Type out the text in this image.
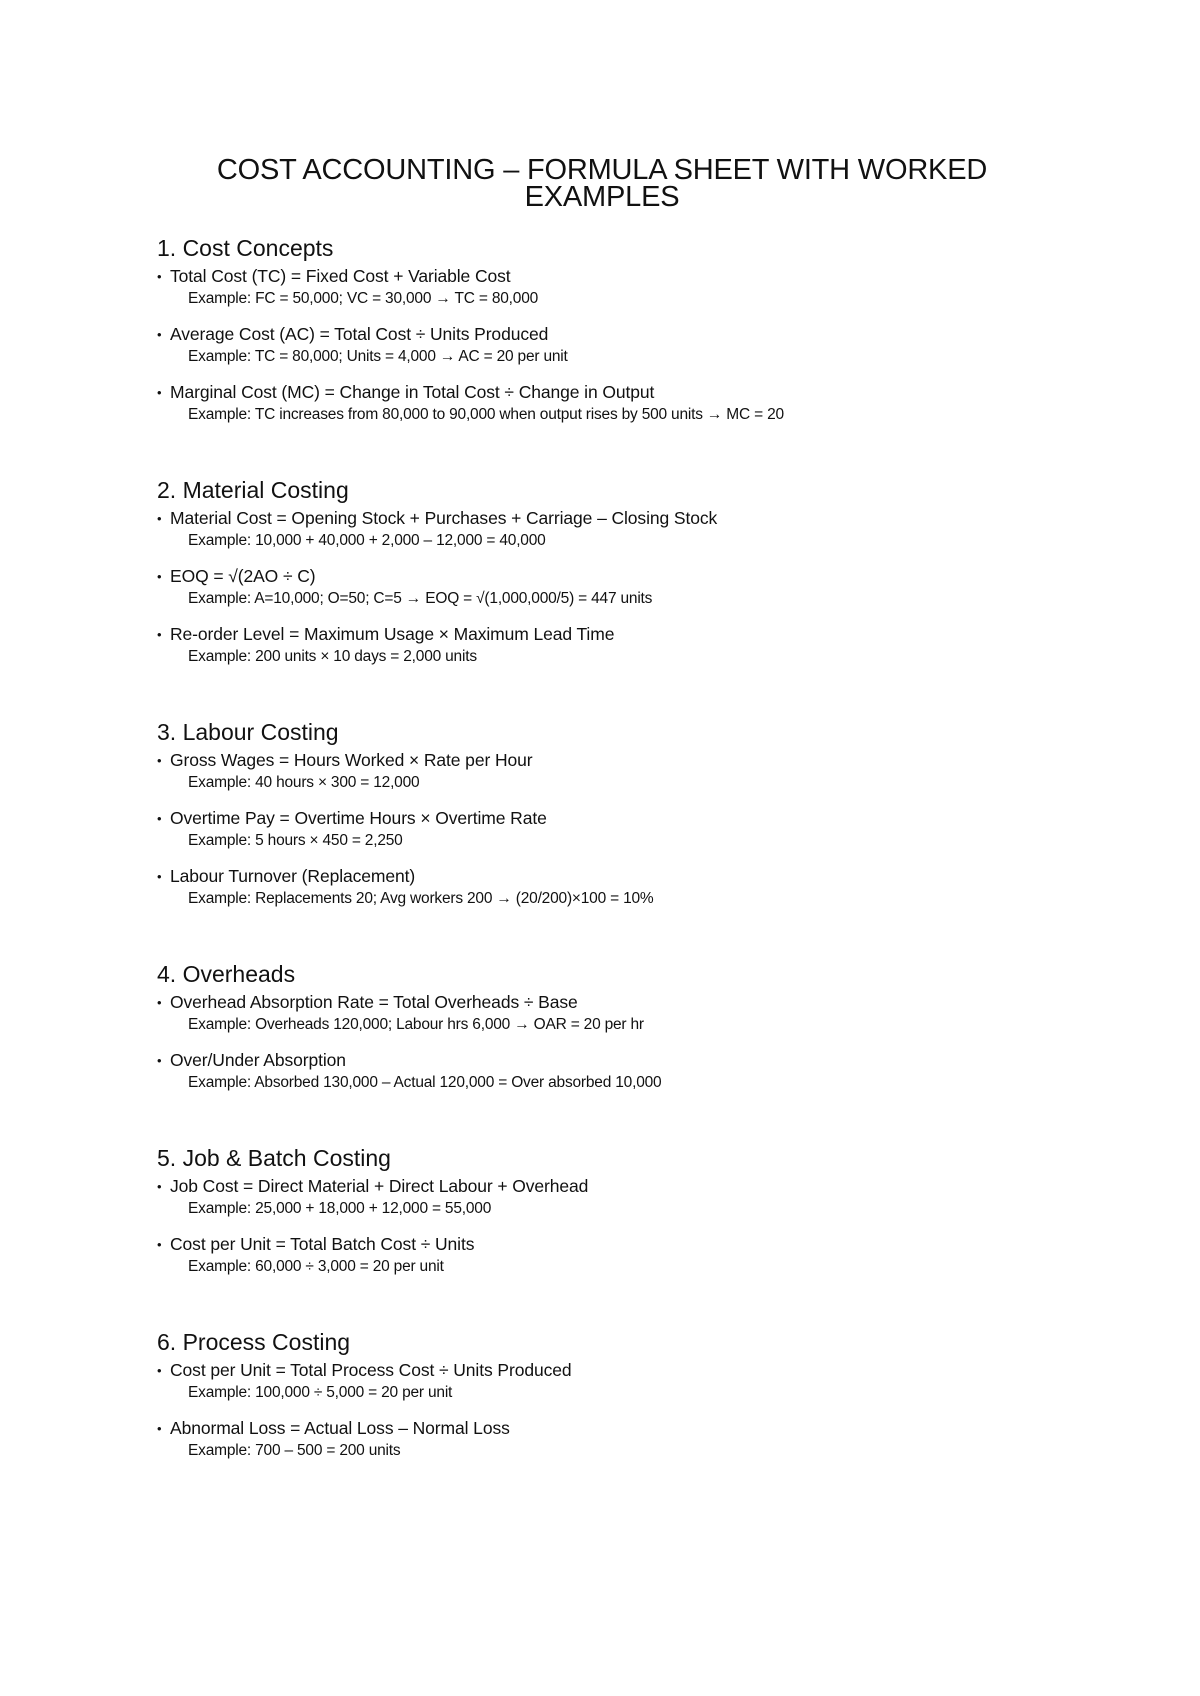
COST ACCOUNTING – FORMULA SHEET WITH WORKED EXAMPLES
1. Cost Concepts
• Total Cost (TC) = Fixed Cost + Variable Cost
Example: FC = 50,000; VC = 30,000 → TC = 80,000
• Average Cost (AC) = Total Cost ÷ Units Produced
Example: TC = 80,000; Units = 4,000 → AC = 20 per unit
• Marginal Cost (MC) = Change in Total Cost ÷ Change in Output
Example: TC increases from 80,000 to 90,000 when output rises by 500 units → MC = 20
2. Material Costing
• Material Cost = Opening Stock + Purchases + Carriage – Closing Stock
Example: 10,000 + 40,000 + 2,000 – 12,000 = 40,000
• EOQ = √(2AO ÷ C)
Example: A=10,000; O=50; C=5 → EOQ = √(1,000,000/5) = 447 units
• Re-order Level = Maximum Usage × Maximum Lead Time
Example: 200 units × 10 days = 2,000 units
3. Labour Costing
• Gross Wages = Hours Worked × Rate per Hour
Example: 40 hours × 300 = 12,000
• Overtime Pay = Overtime Hours × Overtime Rate
Example: 5 hours × 450 = 2,250
• Labour Turnover (Replacement)
Example: Replacements 20; Avg workers 200 → (20/200)×100 = 10%
4. Overheads
• Overhead Absorption Rate = Total Overheads ÷ Base
Example: Overheads 120,000; Labour hrs 6,000 → OAR = 20 per hr
• Over/Under Absorption
Example: Absorbed 130,000 – Actual 120,000 = Over absorbed 10,000
5. Job & Batch Costing
• Job Cost = Direct Material + Direct Labour + Overhead
Example: 25,000 + 18,000 + 12,000 = 55,000
• Cost per Unit = Total Batch Cost ÷ Units
Example: 60,000 ÷ 3,000 = 20 per unit
6. Process Costing
• Cost per Unit = Total Process Cost ÷ Units Produced
Example: 100,000 ÷ 5,000 = 20 per unit
• Abnormal Loss = Actual Loss – Normal Loss
Example: 700 – 500 = 200 units
